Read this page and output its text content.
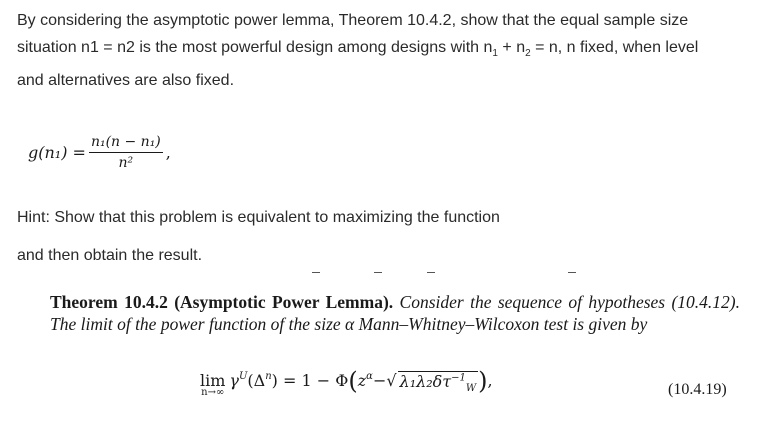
By considering the asymptotic power lemma, Theorem 10.4.2, show that the equal sample size
situation n1 = n2 is the most powerful design among designs with $n_1 + n_2 = n$, n fixed, when level
and alternatives are also fixed.

$g(n_1) = \frac{\text{n₁(n − n₁)}}{\text{n²}}$ ,

Hint: Show that this problem is equivalent to maximizing the function

and then obtain the result.

Theorem 10.4.2 (Asymptotic Power Lemma). Consider the sequence of hypotheses (10.4.12). The limit of the power function of the size α Mann–Whitney–Wilcoxon test is given by

lim
n→∞
$\gamma^U$ ($\Delta^n$ ) = 1 − Φ ( $z^\alpha$ − √ $\lambda_1\lambda_2\delta\tau^{-1}_W$ ) ,	(10.4.19)
